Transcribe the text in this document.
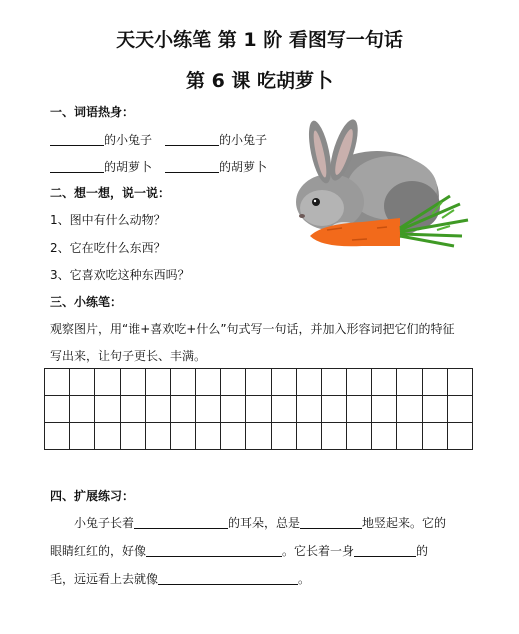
天天小练笔 第 1 阶 看图写一句话
第 6 课 吃胡萝卜
一、词语热身：
的小兔子	的小兔子
的胡萝卜	的胡萝卜
二、想一想，说一说：
1、图中有什么动物？
2、它在吃什么东西？
3、它喜欢吃这种东西吗？
三、小练笔：
观察图片，用“谁+喜欢吃+什么”句式写一句话，并加入形容词把它们的特征
写出来，让句子更长、丰满。
四、扩展练习：
小兔子长着	的耳朵，总是	地竖起来。它的
眼睛红红的，好像	。它长着一身	的
毛，远远看上去就像	。
